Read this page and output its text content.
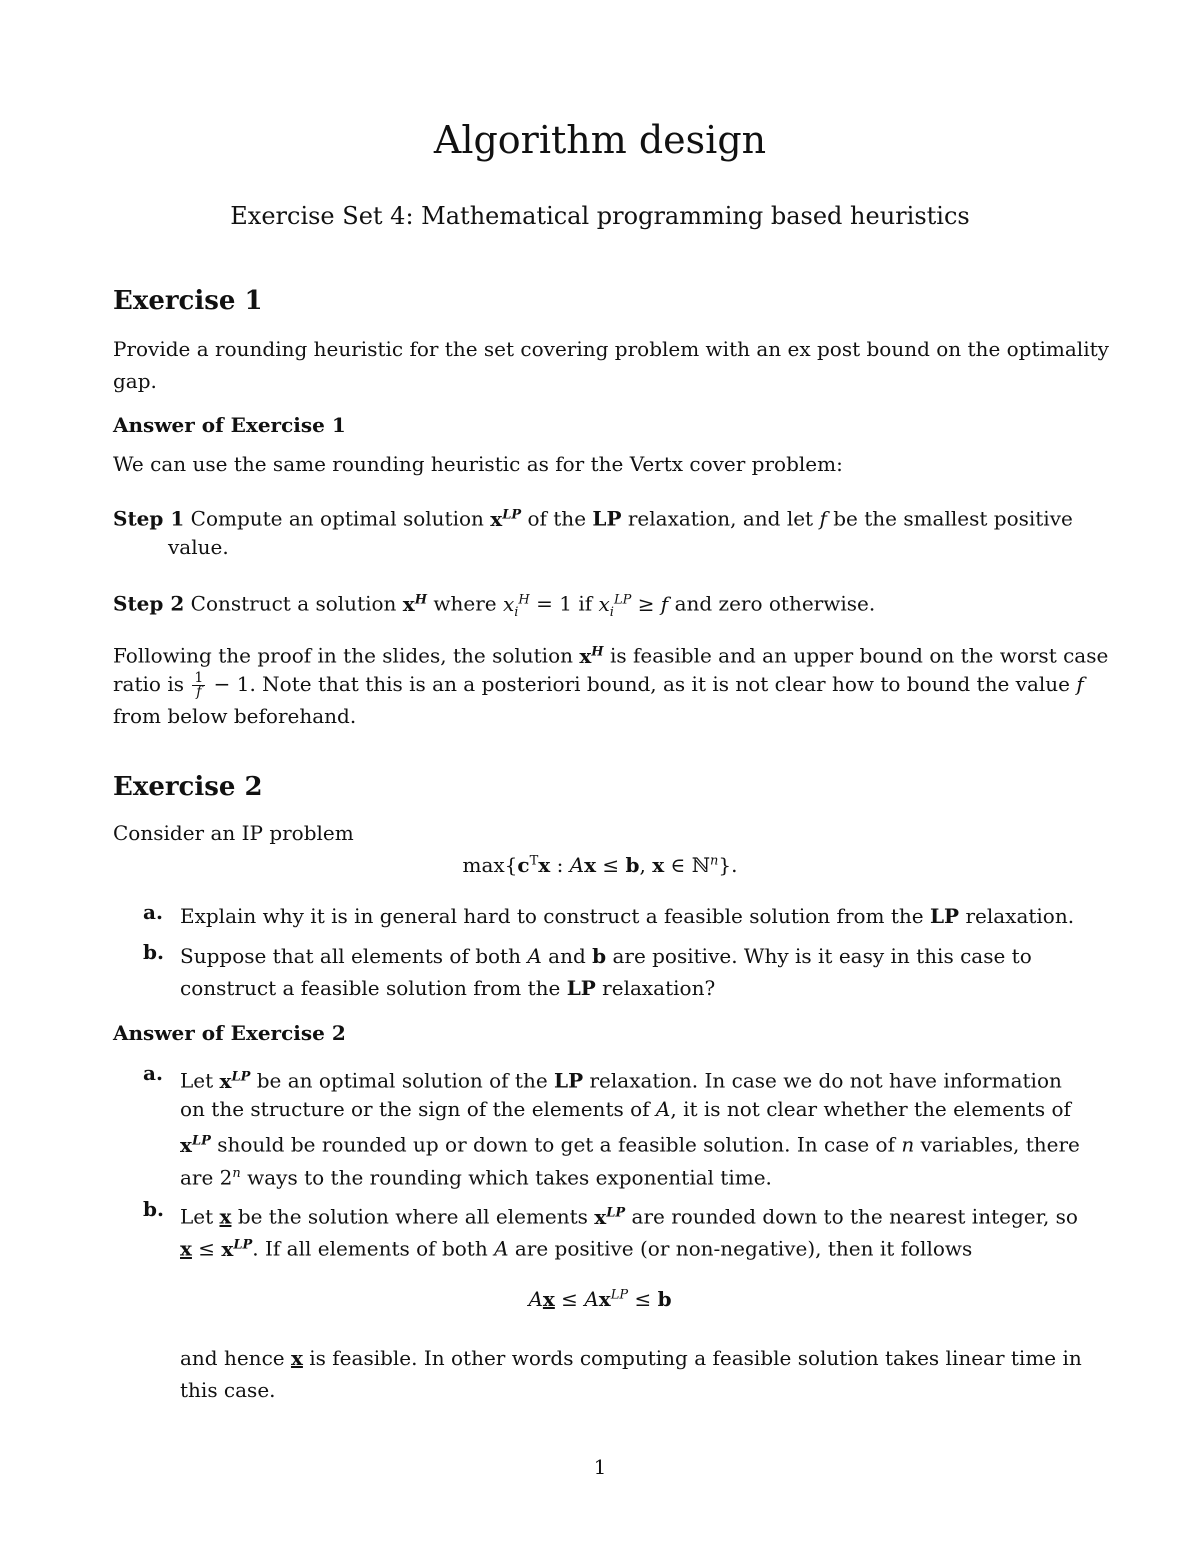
Algorithm design
Exercise Set 4: Mathematical programming based heuristics
Exercise 1
Provide a rounding heuristic for the set covering problem with an ex post bound on the optimality
gap.
Answer of Exercise 1
We can use the same rounding heuristic as for the Vertx cover problem:
Step 1 Compute an optimal solution $x^{LP}$ of the LP relaxation, and let f be the smallest positive
value.
Step 2 Construct a solution $x^H$ where $x_i^H = 1$ if $x_i^{LP} \ge f$ and zero otherwise.
Following the proof in the slides, the solution $x^H$ is feasible and an upper bound on the worst case
ratio is $\frac{1}{f} - 1$. Note that this is an a posteriori bound, as it is not clear how to bound the value f
from below beforehand.
Exercise 2
Consider an IP problem
$\max\{c^Tx$ : Ax ≤ b, x ∈ ℕ$^n$}.
a. Explain why it is in general hard to construct a feasible solution from the LP relaxation.
b. Suppose that all elements of both A and b are positive. Why is it easy in this case to
construct a feasible solution from the LP relaxation?
Answer of Exercise 2
a. Let $x^{LP}$ be an optimal solution of the LP relaxation. In case we do not have information
on the structure or the sign of the elements of A, it is not clear whether the elements of
$x^{LP}$ should be rounded up or down to get a feasible solution. In case of n variables, there
are 2$^n$ ways to the rounding which takes exponential time.
b. Let x be the solution where all elements $x^{LP}$ are rounded down to the nearest integer, so
$x \le x^{LP}$. If all elements of both A are positive (or non-negative), then it follows
$Ax \le Ax^{LP} \le b$
and hence x is feasible. In other words computing a feasible solution takes linear time in
this case.
1
